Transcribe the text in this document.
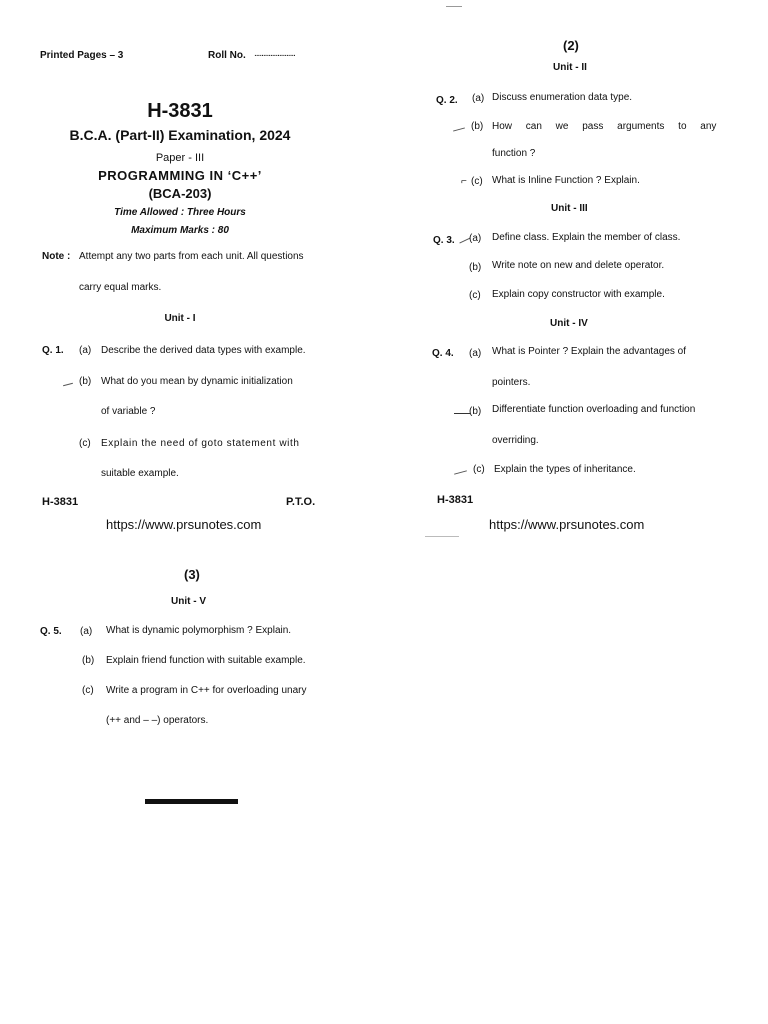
Printed Pages – 3	Roll No. .......................
H-3831
B.C.A. (Part-II) Examination, 2024
Paper - III
PROGRAMMING IN ‘C++’
(BCA-203)
Time Allowed : Three Hours
Maximum Marks : 80
Note : Attempt any two parts from each unit. All questions
carry equal marks.
Unit - I
Q. 1. (a) Describe the derived data types with example.
(b) What do you mean by dynamic initialization
of variable ?
(c) Explain the need of goto statement with
suitable example.
H-3831	P.T.O.
https://www.prsunotes.com
(2)
Unit - II
Q. 2. (a) Discuss enumeration data type.
(b) How can we pass arguments to any
function ?
⌐ (c) What is Inline Function ? Explain.
Unit - III
Q. 3. (a) Define class. Explain the member of class.
(b) Write note on new and delete operator.
(c) Explain copy constructor with example.
Unit - IV
Q. 4. (a) What is Pointer ? Explain the advantages of
pointers.
(b) Differentiate function overloading and function
overriding.
(c) Explain the types of inheritance.
H-3831
https://www.prsunotes.com
(3)
Unit - V
Q. 5. (a) What is dynamic polymorphism ? Explain.
(b) Explain friend function with suitable example.
(c) Write a program in C++ for overloading unary
(++ and – –) operators.
